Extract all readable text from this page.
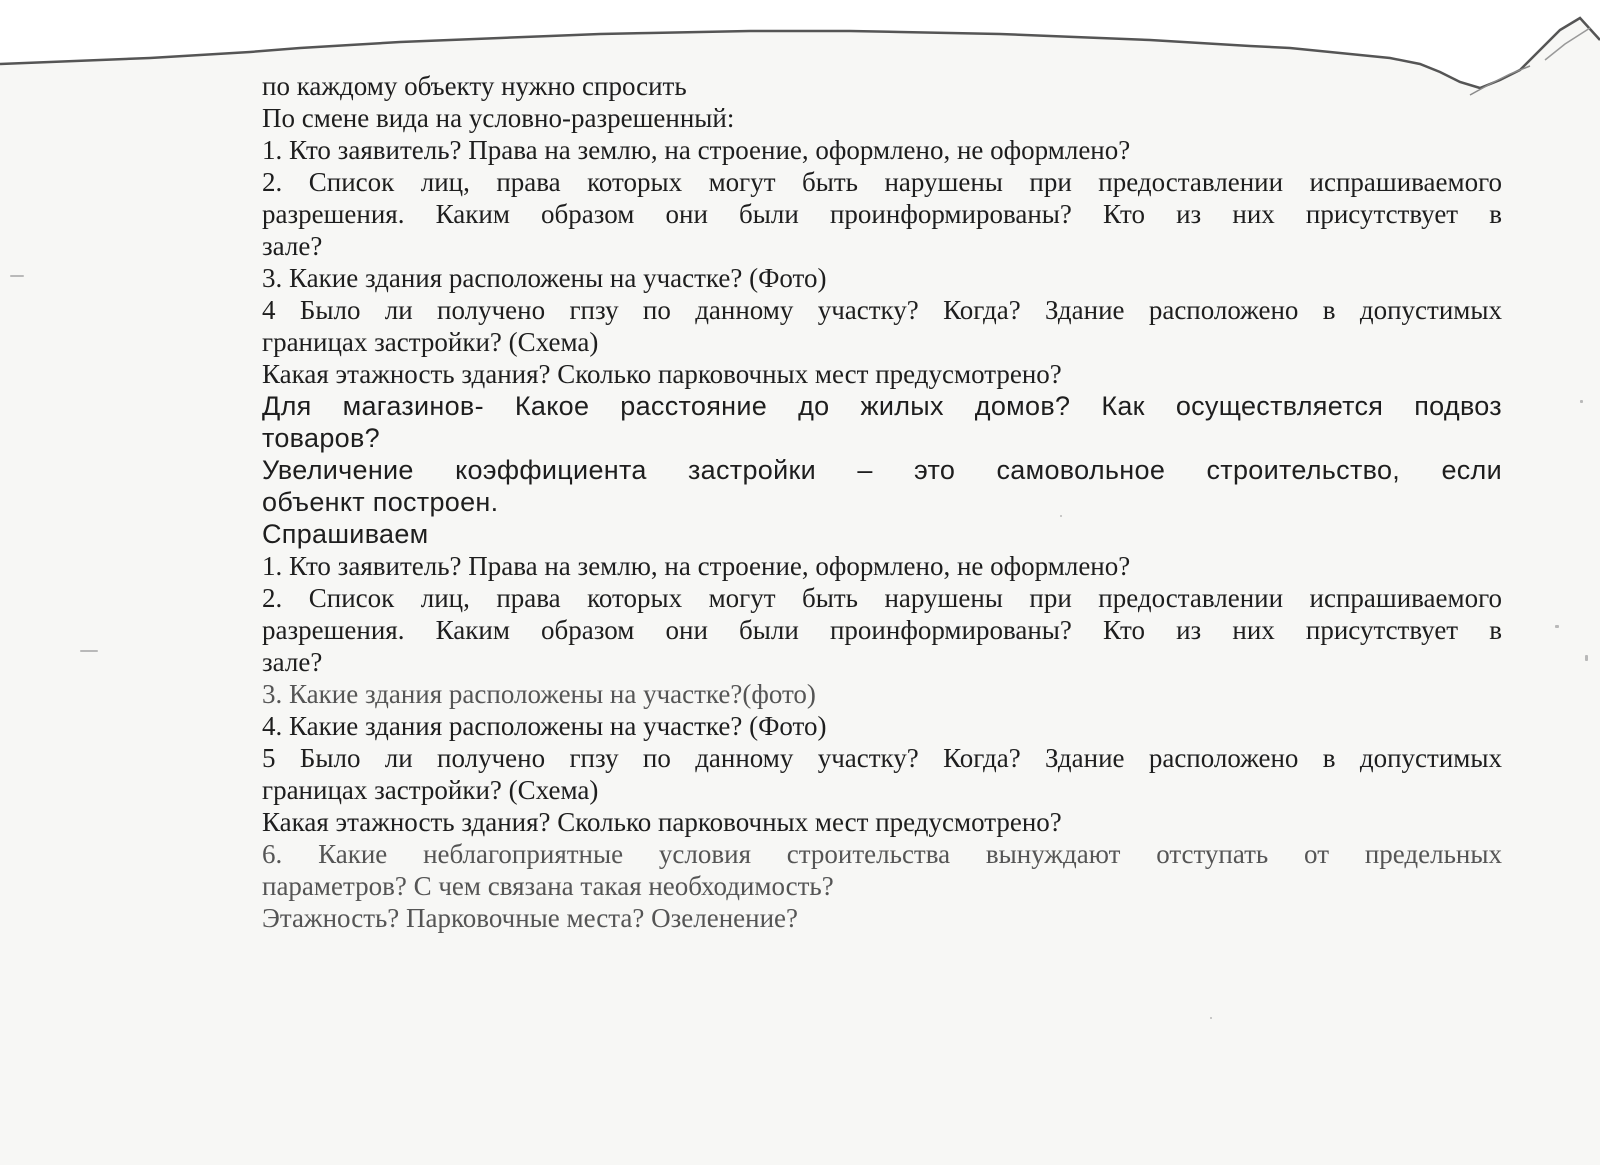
по каждому объекту нужно спросить

По смене вида на условно-разрешенный:

1. Кто заявитель? Права на землю, на строение, оформлено, не оформлено?

2. Список лиц, права которых могут быть нарушены при предоставлении испрашиваемого

разрешения. Каким образом они были проинформированы? Кто из них присутствует в

зале?

3. Какие здания расположены на участке? (Фото)

4 Было ли получено гпзу по данному участку? Когда? Здание расположено в допустимых

границах застройки? (Схема)

Какая этажность здания? Сколько парковочных мест предусмотрено?

Для магазинов- Какое расстояние до жилых домов? Как осуществляется подвоз

товаров?

Увеличение коэффициента застройки – это самовольное строительство, если

объенкт построен.

Спрашиваем

1. Кто заявитель? Права на землю, на строение, оформлено, не оформлено?

2. Список лиц, права которых могут быть нарушены при предоставлении испрашиваемого

разрешения. Каким образом они были проинформированы? Кто из них присутствует в

зале?

3. Какие здания расположены на участке?(фото)

4. Какие здания расположены на участке? (Фото)

5 Было ли получено гпзу по данному участку? Когда? Здание расположено в допустимых

границах застройки? (Схема)

Какая этажность здания? Сколько парковочных мест предусмотрено?

6. Какие неблагоприятные условия строительства вынуждают отступать от предельных

параметров? С чем связана такая необходимость?

Этажность? Парковочные места? Озеленение?
